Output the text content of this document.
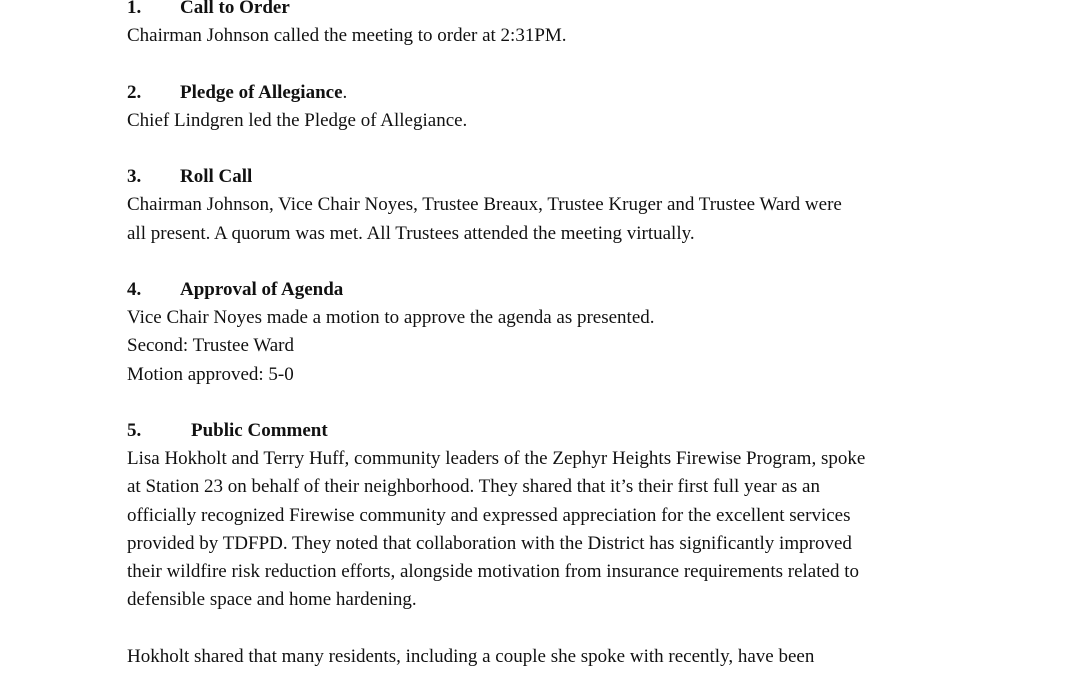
1. Call to Order

Chairman Johnson called the meeting to order at 2:31PM.

2. Pledge of Allegiance.

Chief Lindgren led the Pledge of Allegiance.

3. Roll Call

Chairman Johnson, Vice Chair Noyes, Trustee Breaux, Trustee Kruger and Trustee Ward were
all present. A quorum was met. All Trustees attended the meeting virtually.

4. Approval of Agenda

Vice Chair Noyes made a motion to approve the agenda as presented.
Second: Trustee Ward
Motion approved: 5-0

5.	Public Comment

Lisa Hokholt and Terry Huff, community leaders of the Zephyr Heights Firewise Program, spoke
at Station 23 on behalf of their neighborhood. They shared that it’s their first full year as an
officially recognized Firewise community and expressed appreciation for the excellent services
provided by TDFPD. They noted that collaboration with the District has significantly improved
their wildfire risk reduction efforts, alongside motivation from insurance requirements related to
defensible space and home hardening.

Hokholt shared that many residents, including a couple she spoke with recently, have been
